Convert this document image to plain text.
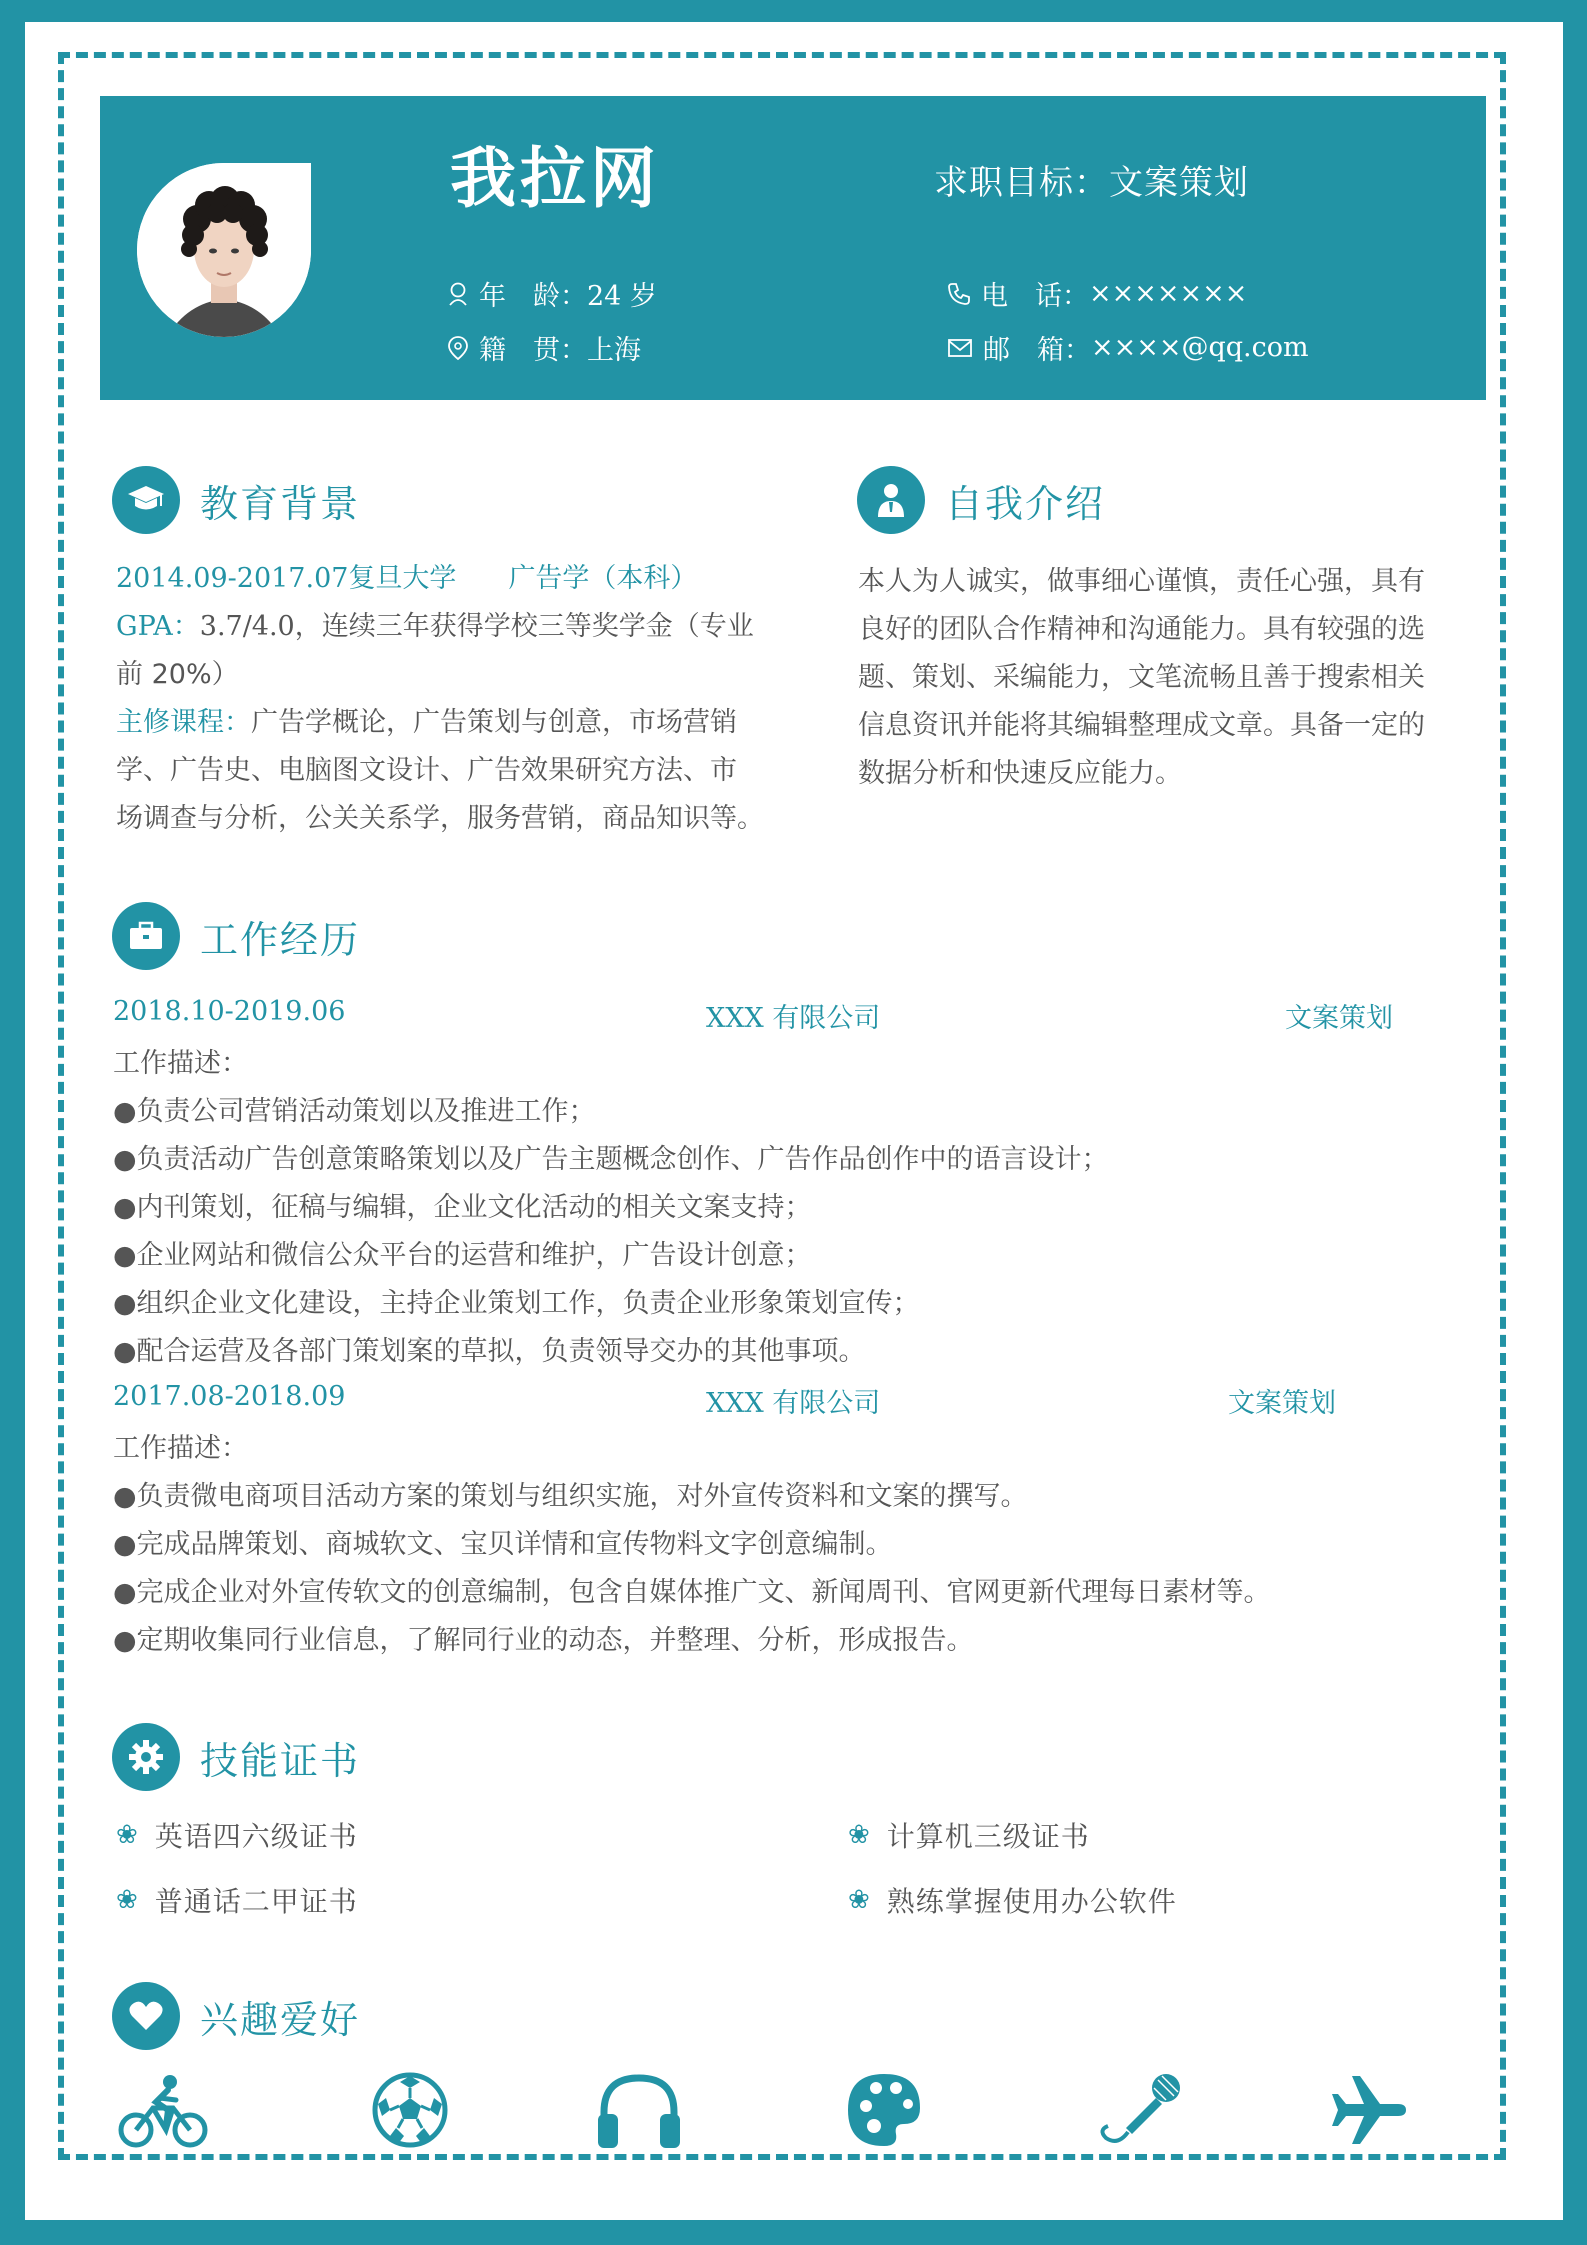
我拉网	求职目标：文案策划
年　龄： 24 岁
籍　贯： 上海
电　话： ×××××××
邮　箱： ××××@qq.com
教育背景
2014.09-2017.07复旦大学 广告学（本科）
GPA：3.7/4.0，连续三年获得学校三等奖学金（专业
前 20%）
主修课程：广告学概论，广告策划与创意，市场营销
学、广告史、电脑图文设计、广告效果研究方法、市
场调查与分析，公关关系学，服务营销，商品知识等。
自我介绍
本人为人诚实，做事细心谨慎，责任心强，具有
良好的团队合作精神和沟通能力。具有较强的选
题、策划、采编能力，文笔流畅且善于搜索相关
信息资讯并能将其编辑整理成文章。具备一定的
数据分析和快速反应能力。
工作经历
2018.10-2019.06	XXX 有限公司	文案策划
工作描述：
●负责公司营销活动策划以及推进工作；
●负责活动广告创意策略策划以及广告主题概念创作、广告作品创作中的语言设计；
●内刊策划，征稿与编辑，企业文化活动的相关文案支持；
●企业网站和微信公众平台的运营和维护，广告设计创意；
●组织企业文化建设，主持企业策划工作，负责企业形象策划宣传；
●配合运营及各部门策划案的草拟，负责领导交办的其他事项。
2017.08-2018.09	XXX 有限公司	文案策划
工作描述：
●负责微电商项目活动方案的策划与组织实施，对外宣传资料和文案的撰写。
●完成品牌策划、商城软文、宝贝详情和宣传物料文字创意编制。
●完成企业对外宣传软文的创意编制，包含自媒体推广文、新闻周刊、官网更新代理每日素材等。
●定期收集同行业信息，了解同行业的动态，并整理、分析，形成报告。
技能证书
❀ 英语四六级证书	❀ 计算机三级证书
❀ 普通话二甲证书	❀ 熟练掌握使用办公软件
兴趣爱好
